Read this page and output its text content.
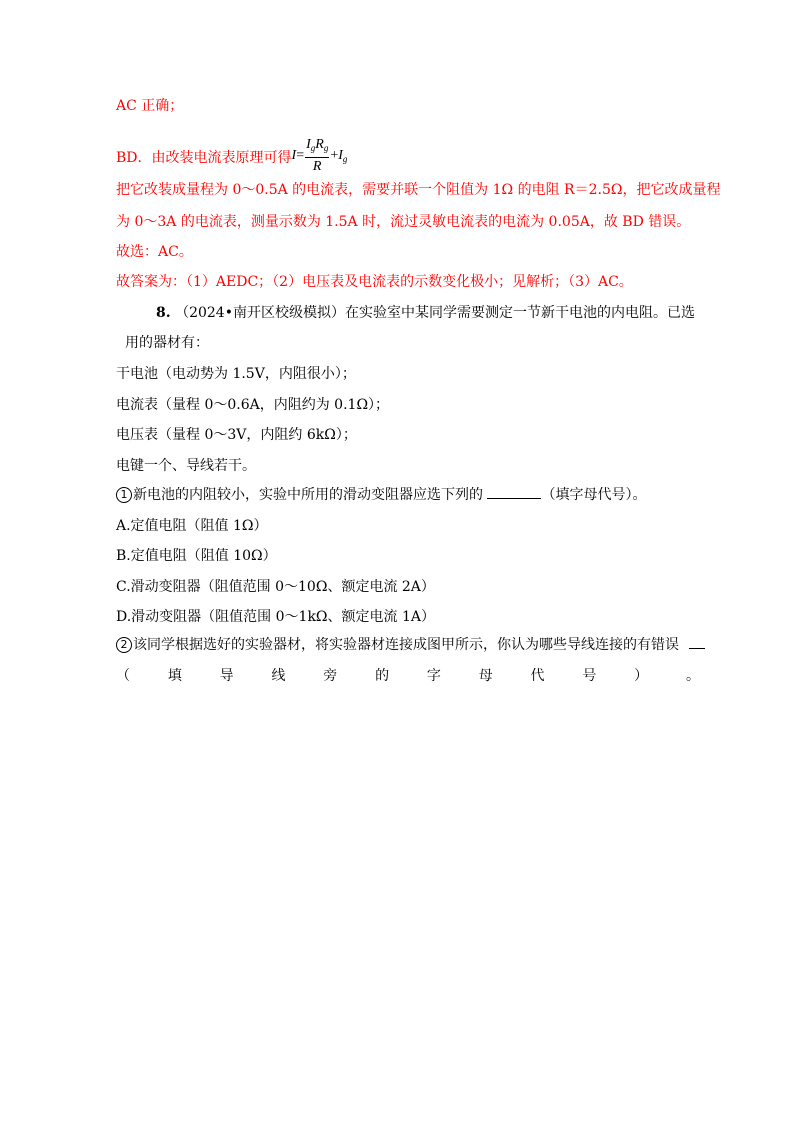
AC 正确；
BD．由改装电流表原理可得$I= \frac{I_gR_g}{R} +I_g$
把它改装成量程为 0～0.5A 的电流表，需要并联一个阻值为 1Ω 的电阻 R＝2.5Ω，把它改成量程
为 0～3A 的电流表，测量示数为 1.5A 时，流过灵敏电流表的电流为 0.05A，故 BD 错误。
故选：AC。
故答案为：（1）AEDC；（2）电压表及电流表的示数变化极小；见解析；（3）AC。
8. （2024•南开区校级模拟）在实验室中某同学需要测定一节新干电池的内电阻。已选
用的器材有：
干电池（电动势为 1.5V，内阻很小）；
电流表（量程 0～0.6A，内阻约为 0.1Ω）；
电压表（量程 0～3V，内阻约 6kΩ）；
电键一个、导线若干。
1 新电池的内阻较小，实验中所用的滑动变阻器应选下列的	（填字母代号）。
A.定值电阻（阻值 1Ω）
B.定值电阻（阻值 10Ω）
C.滑动变阻器（阻值范围 0～10Ω、额定电流 2A）
D.滑动变阻器（阻值范围 0～1kΩ、额定电流 1A）
2 该同学根据选好的实验器材，将实验器材连接成图甲所示，你认为哪些导线连接的有错误
（	填	导	线	旁	的	字	母	代	号	）	。
